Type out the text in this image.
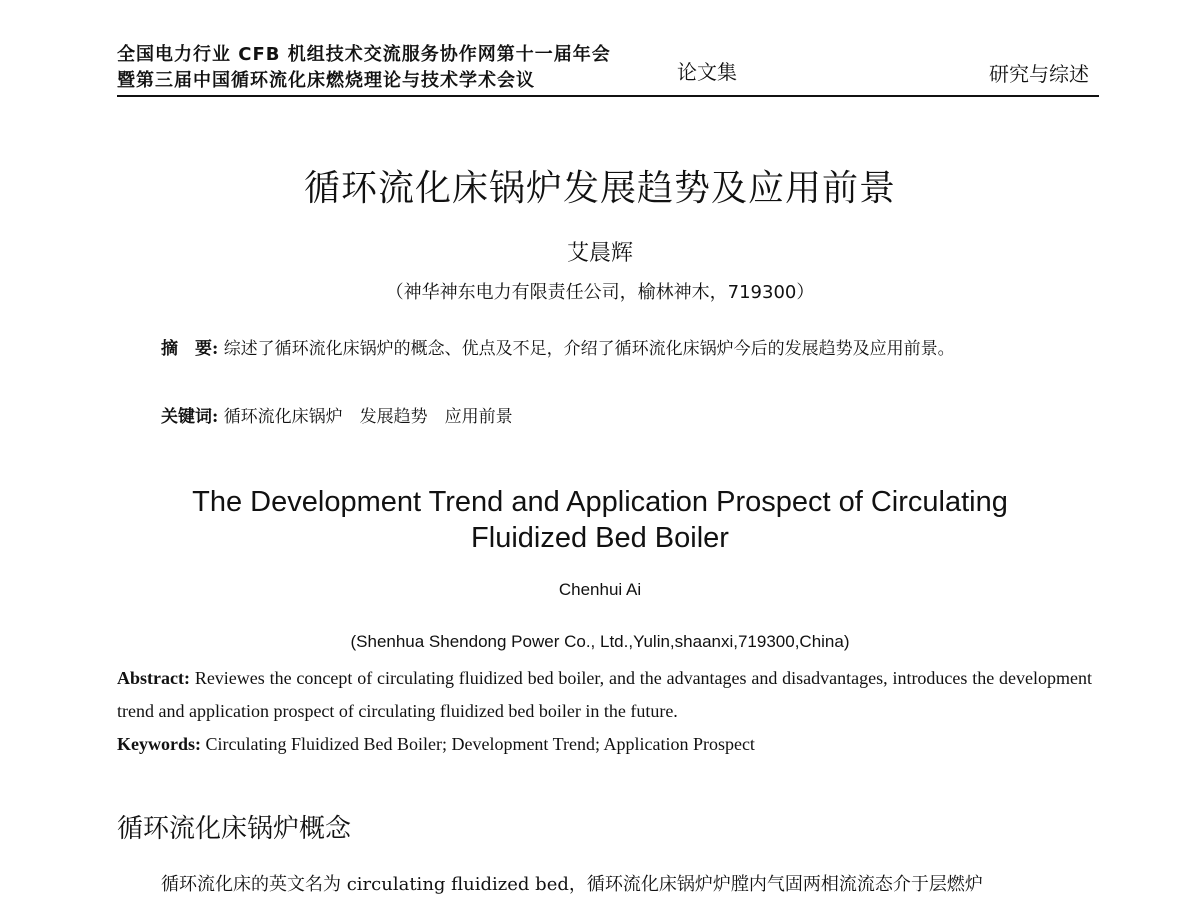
全国电力行业 CFB 机组技术交流服务协作网第十一届年会
暨第三届中国循环流化床燃烧理论与技术学术会议	论文集	研究与综述
循环流化床锅炉发展趋势及应用前景
艾晨辉
（神华神东电力有限责任公司，榆林神木，719300）
摘　要: 综述了循环流化床锅炉的概念、优点及不足，介绍了循环流化床锅炉今后的发展趋势及应用前景。
关键词: 循环流化床锅炉　发展趋势　应用前景
The Development Trend and Application Prospect of Circulating
Fluidized Bed Boiler
Chenhui Ai
(Shenhua Shendong Power Co., Ltd.,Yulin,shaanxi,719300,China)
Abstract: Reviewes the concept of circulating fluidized bed boiler, and the advantages and disadvantages, introduces the development trend and application prospect of circulating fluidized bed boiler in the future.
Keywords: Circulating Fluidized Bed Boiler; Development Trend; Application Prospect
循环流化床锅炉概念
循环流化床的英文名为 circulating fluidized bed，循环流化床锅炉炉膛内气固两相流流态介于层燃炉
